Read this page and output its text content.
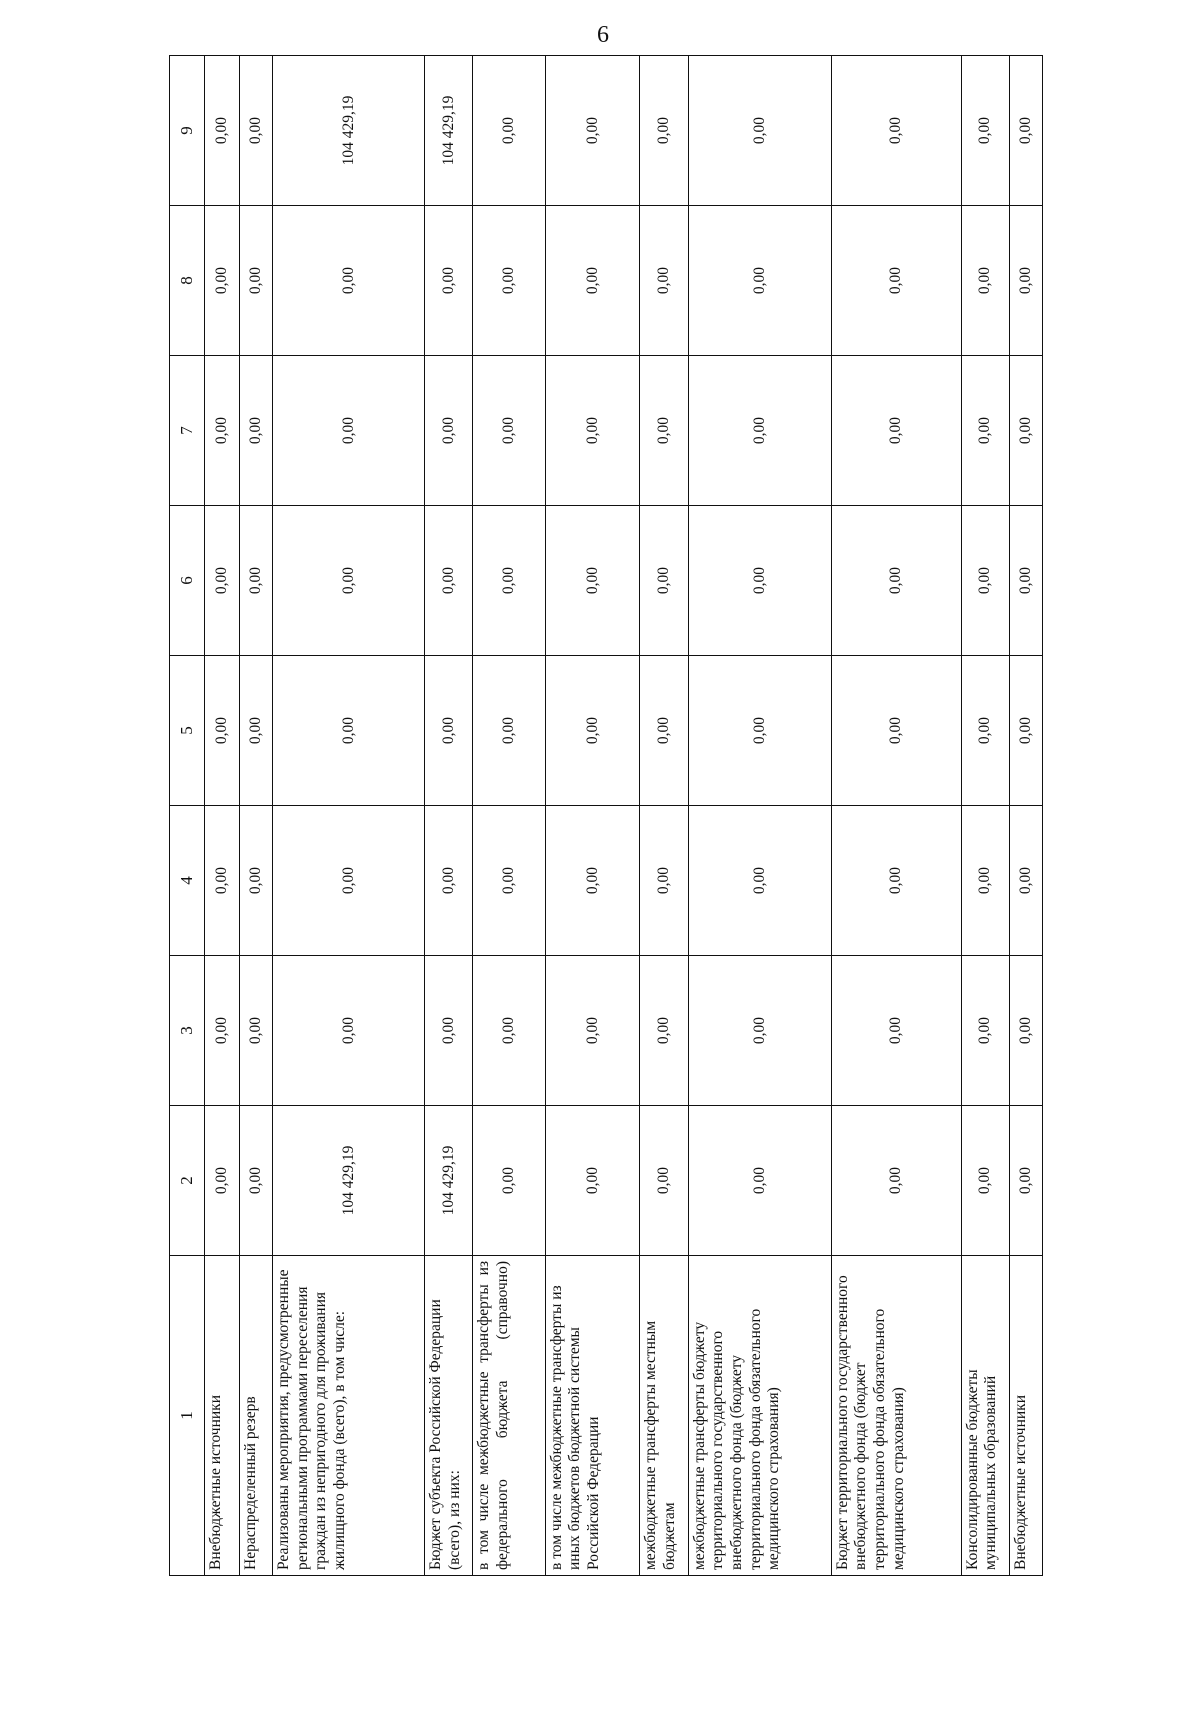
6
1	2	3	4	5	6	7	8	9
Внебюджетные источники	0,00	0,00	0,00	0,00	0,00	0,00	0,00	0,00
Нераспределенный резерв	0,00	0,00	0,00	0,00	0,00	0,00	0,00	0,00
Реализованы мероприятия, предусмотренные региональными программами переселения граждан из непригодного для проживания жилищного фонда (всего), в том числе:	104 429,19	0,00	0,00	0,00	0,00	0,00	0,00	104 429,19
Бюджет субъекта Российской Федерации (всего), из них:	104 429,19	0,00	0,00	0,00	0,00	0,00	0,00	104 429,19
в том числе межбюджетные трансферты из федерального бюджета (справочно)	0,00	0,00	0,00	0,00	0,00	0,00	0,00	0,00
в том числе межбюджетные трансферты из иных бюджетов бюджетной системы Российской Федерации	0,00	0,00	0,00	0,00	0,00	0,00	0,00	0,00
межбюджетные трансферты местным бюджетам	0,00	0,00	0,00	0,00	0,00	0,00	0,00	0,00
межбюджетные трансферты бюджету территориального государственного внебюджетного фонда (бюджету территориального фонда обязательного медицинского страхования)	0,00	0,00	0,00	0,00	0,00	0,00	0,00	0,00
Бюджет территориального государственного внебюджетного фонда (бюджет территориального фонда обязательного медицинского страхования)	0,00	0,00	0,00	0,00	0,00	0,00	0,00	0,00
Консолидированные бюджеты муниципальных образований	0,00	0,00	0,00	0,00	0,00	0,00	0,00	0,00
Внебюджетные источники	0,00	0,00	0,00	0,00	0,00	0,00	0,00	0,00
